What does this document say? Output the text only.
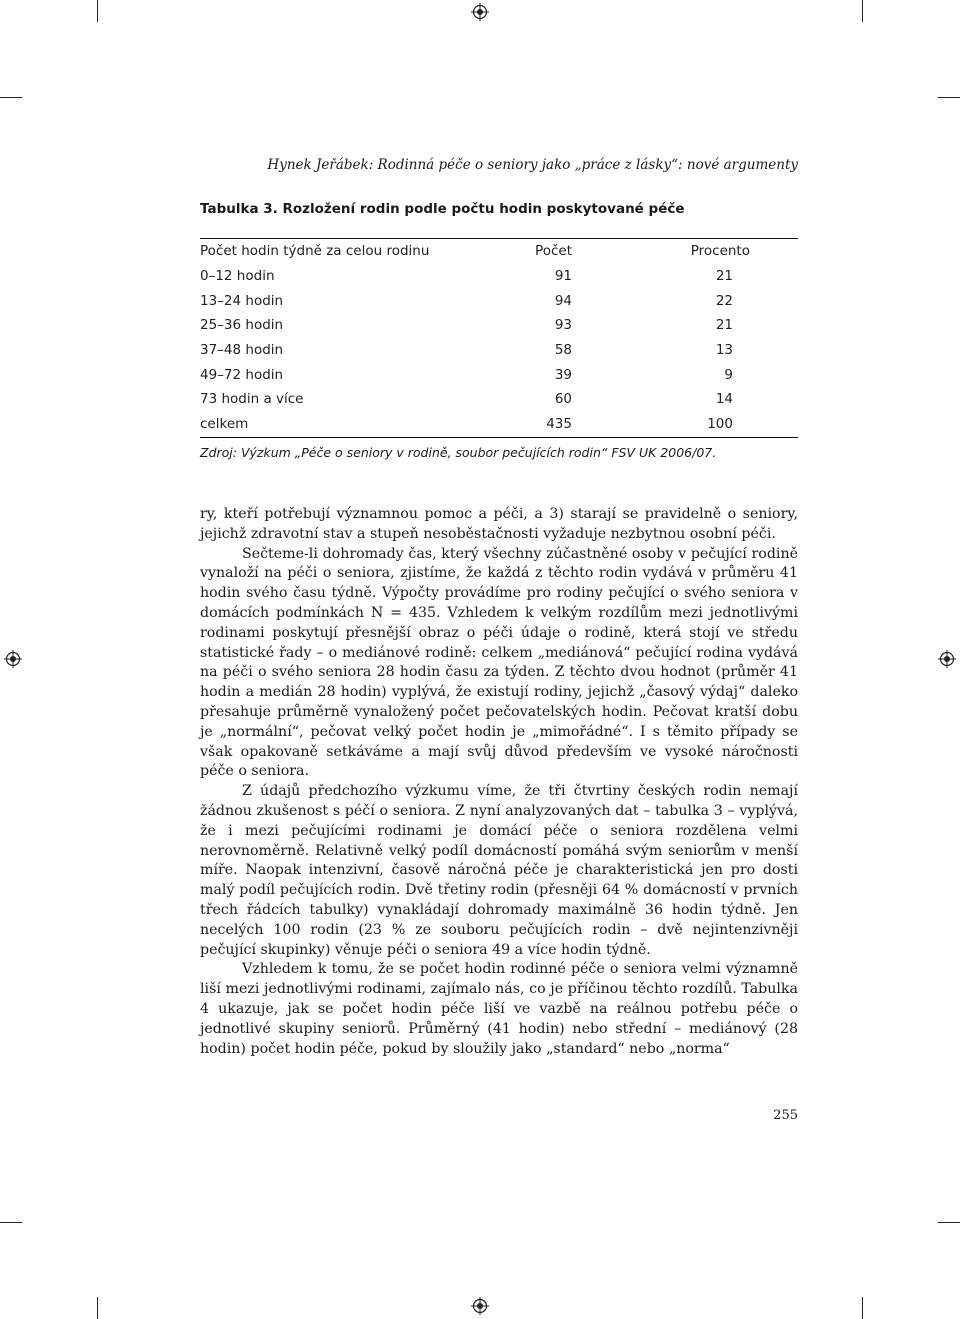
Hynek Jeřábek: Rodinná péče o seniory jako „práce z lásky“: nové argumenty
Tabulka 3. Rozložení rodin podle počtu hodin poskytované péče
Počet hodin týdně za celou rodinu	Počet	Procento
0–12 hodin	91	21
13–24 hodin	94	22
25–36 hodin	93	21
37–48 hodin	58	13
49–72 hodin	39	9
73 hodin a více	60	14
celkem	435	100
Zdroj: Výzkum „Péče o seniory v rodině, soubor pečujících rodin“ FSV UK 2006/07.

ry, kteří potřebují významnou pomoc a péči, a 3) starají se pravidelně o seniory, jejichž zdravotní stav a stupeň nesoběstačnosti vyžaduje nezbytnou osobní péči.

Sečteme-li dohromady čas, který všechny zúčastněné osoby v pečující rodině vynaloží na péči o seniora, zjistíme, že každá z těchto rodin vydává v průměru 41 hodin svého času týdně. Výpočty provádíme pro rodiny pečující o svého seniora v domácích podmínkách N = 435. Vzhledem k velkým rozdílům mezi jednotlivými rodinami poskytují přesnější obraz o péči údaje o rodině, která stojí ve středu statistické řady – o mediánové rodině: celkem „mediánová“ pečující rodina vydává na péči o svého seniora 28 hodin času za týden. Z těchto dvou hodnot (průměr 41 hodin a medián 28 hodin) vyplývá, že existují rodiny, jejichž „časový výdaj“ daleko přesahuje průměrně vynaložený počet pečovatelských hodin. Pečovat kratší dobu je „normální“, pečovat velký počet hodin je „mimořádné“. I s těmito případy se však opakovaně setkáváme a mají svůj důvod především ve vysoké náročnosti péče o seniora.

Z údajů předchozího výzkumu víme, že tři čtvrtiny českých rodin nemají žádnou zkušenost s péčí o seniora. Z nyní analyzovaných dat – tabulka 3 – vyplývá, že i mezi pečujícími rodinami je domácí péče o seniora rozdělena velmi nerovnoměrně. Relativně velký podíl domácností pomáhá svým seniorům v menší míře. Naopak intenzivní, časově náročná péče je charakteristická jen pro dosti malý podíl pečujících rodin. Dvě třetiny rodin (přesněji 64 % domácností v prvních třech řádcích tabulky) vynakládají dohromady maximálně 36 hodin týdně. Jen necelých 100 rodin (23 % ze souboru pečujících rodin – dvě nejintenzivněji pečující skupinky) věnuje péči o seniora 49 a více hodin týdně.

Vzhledem k tomu, že se počet hodin rodinné péče o seniora velmi významně liší mezi jednotlivými rodinami, zajímalo nás, co je příčinou těchto rozdílů. Tabulka 4 ukazuje, jak se počet hodin péče liší ve vazbě na reálnou potřebu péče o jednotlivé skupiny seniorů. Průměrný (41 hodin) nebo střední – mediánový (28 hodin) počet hodin péče, pokud by sloužily jako „standard“ nebo „norma“

255
